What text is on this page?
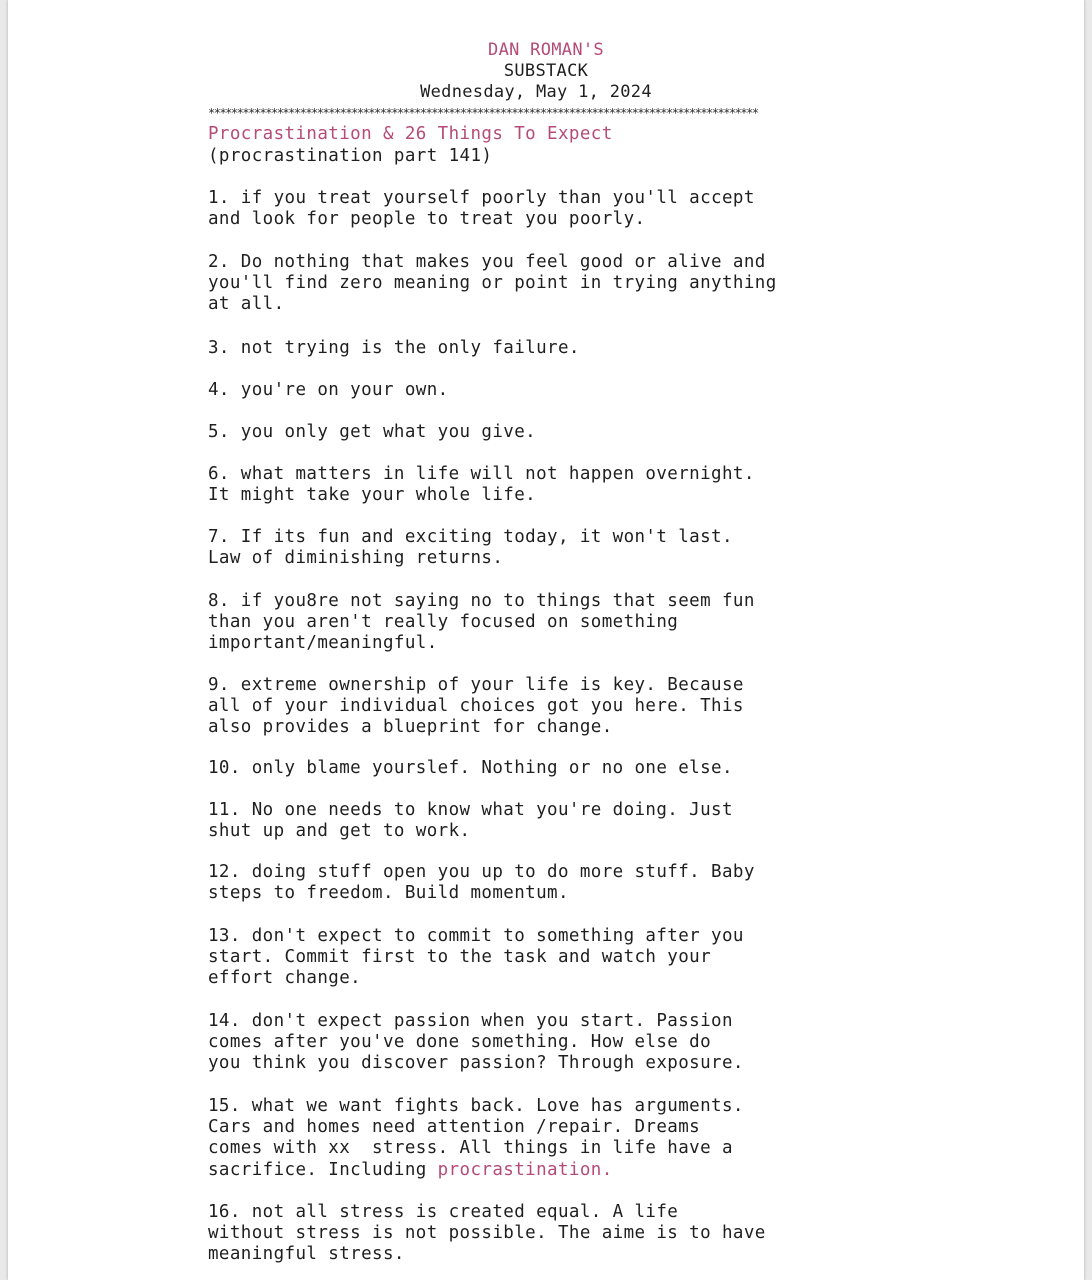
DAN ROMAN'S
SUBSTACK
Wednesday, May 1, 2024
************************************************************************************************
Procrastination & 26 Things To Expect
(procrastination part 141)
1. if you treat yourself poorly than you'll accept
and look for people to treat you poorly.
2. Do nothing that makes you feel good or alive and
you'll find zero meaning or point in trying anything
at all.
3. not trying is the only failure.
4. you're on your own.
5. you only get what you give.
6. what matters in life will not happen overnight.
It might take your whole life.
7. If its fun and exciting today, it won't last.
Law of diminishing returns.
8. if you8re not saying no to things that seem fun
than you aren't really focused on something
important/meaningful.
9. extreme ownership of your life is key. Because
all of your individual choices got you here. This
also provides a blueprint for change.
10. only blame yourslef. Nothing or no one else.
11. No one needs to know what you're doing. Just
shut up and get to work.
12. doing stuff open you up to do more stuff. Baby
steps to freedom. Build momentum.
13. don't expect to commit to something after you
start. Commit first to the task and watch your
effort change.
14. don't expect passion when you start. Passion
comes after you've done something. How else do
you think you discover passion? Through exposure.
15. what we want fights back. Love has arguments.
Cars and homes need attention /repair. Dreams
comes with xx  stress. All things in life have a
sacrifice. Including procrastination.
16. not all stress is created equal. A life
without stress is not possible. The aime is to have
meaningful stress.
